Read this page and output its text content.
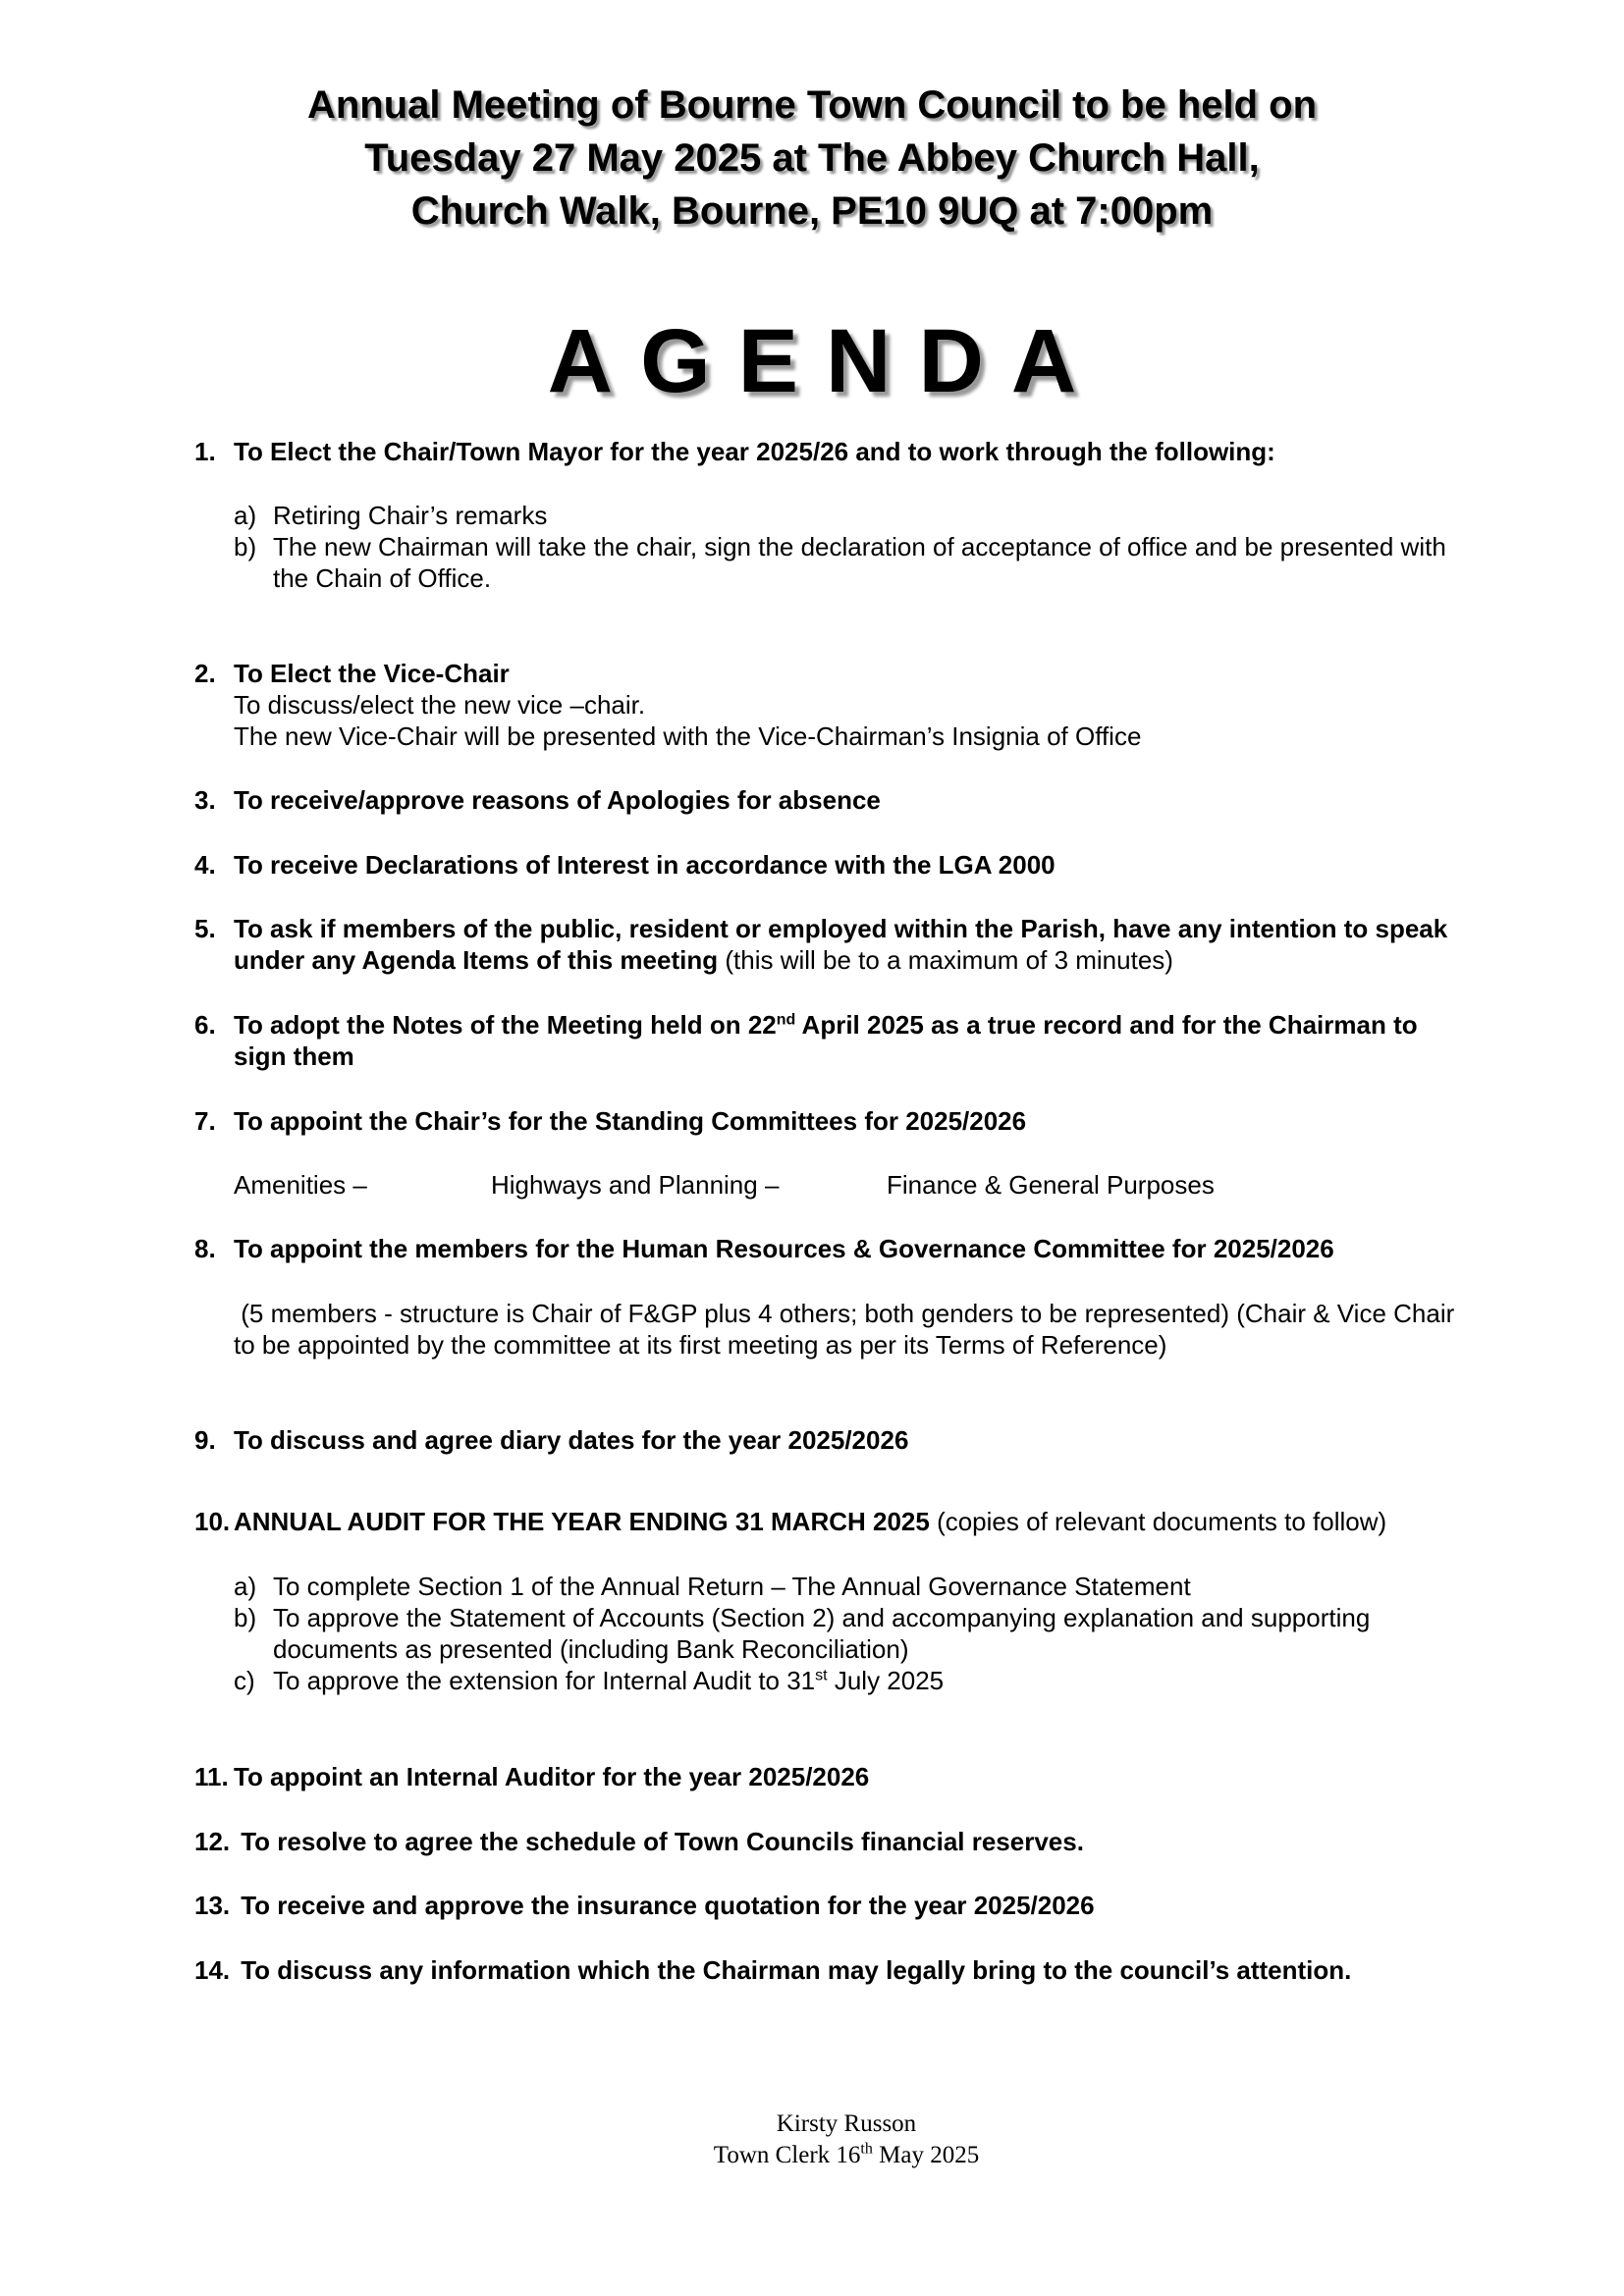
Annual Meeting of Bourne Town Council to be held on
Tuesday 27 May 2025 at The Abbey Church Hall,
Church Walk, Bourne, PE10 9UQ at 7:00pm
AGENDA
1. To Elect the Chair/Town Mayor for the year 2025/26 and to work through the following:
a) Retiring Chair’s remarks
b) The new Chairman will take the chair, sign the declaration of acceptance of office and be presented with
the Chain of Office.
2. To Elect the Vice-Chair
To discuss/elect the new vice –chair.
The new Vice-Chair will be presented with the Vice-Chairman’s Insignia of Office
3. To receive/approve reasons of Apologies for absence
4. To receive Declarations of Interest in accordance with the LGA 2000
5. To ask if members of the public, resident or employed within the Parish, have any intention to speak
under any Agenda Items of this meeting (this will be to a maximum of 3 minutes)
6. To adopt the Notes of the Meeting held on 22nd April 2025 as a true record and for the Chairman to
sign them
7. To appoint the Chair’s for the Standing Committees for 2025/2026
Amenities –	Highways and Planning –	Finance & General Purposes
8. To appoint the members for the Human Resources & Governance Committee for 2025/2026
(5 members - structure is Chair of F&GP plus 4 others; both genders to be represented) (Chair & Vice Chair
to be appointed by the committee at its first meeting as per its Terms of Reference)
9. To discuss and agree diary dates for the year 2025/2026
10. ANNUAL AUDIT FOR THE YEAR ENDING 31 MARCH 2025 (copies of relevant documents to follow)
a) To complete Section 1 of the Annual Return – The Annual Governance Statement
b) To approve the Statement of Accounts (Section 2) and accompanying explanation and supporting
documents as presented (including Bank Reconciliation)
c) To approve the extension for Internal Audit to 31st July 2025
11. To appoint an Internal Auditor for the year 2025/2026
12. To resolve to agree the schedule of Town Councils financial reserves.
13. To receive and approve the insurance quotation for the year 2025/2026
14. To discuss any information which the Chairman may legally bring to the council’s attention.
Kirsty Russon
Town Clerk 16th May 2025
